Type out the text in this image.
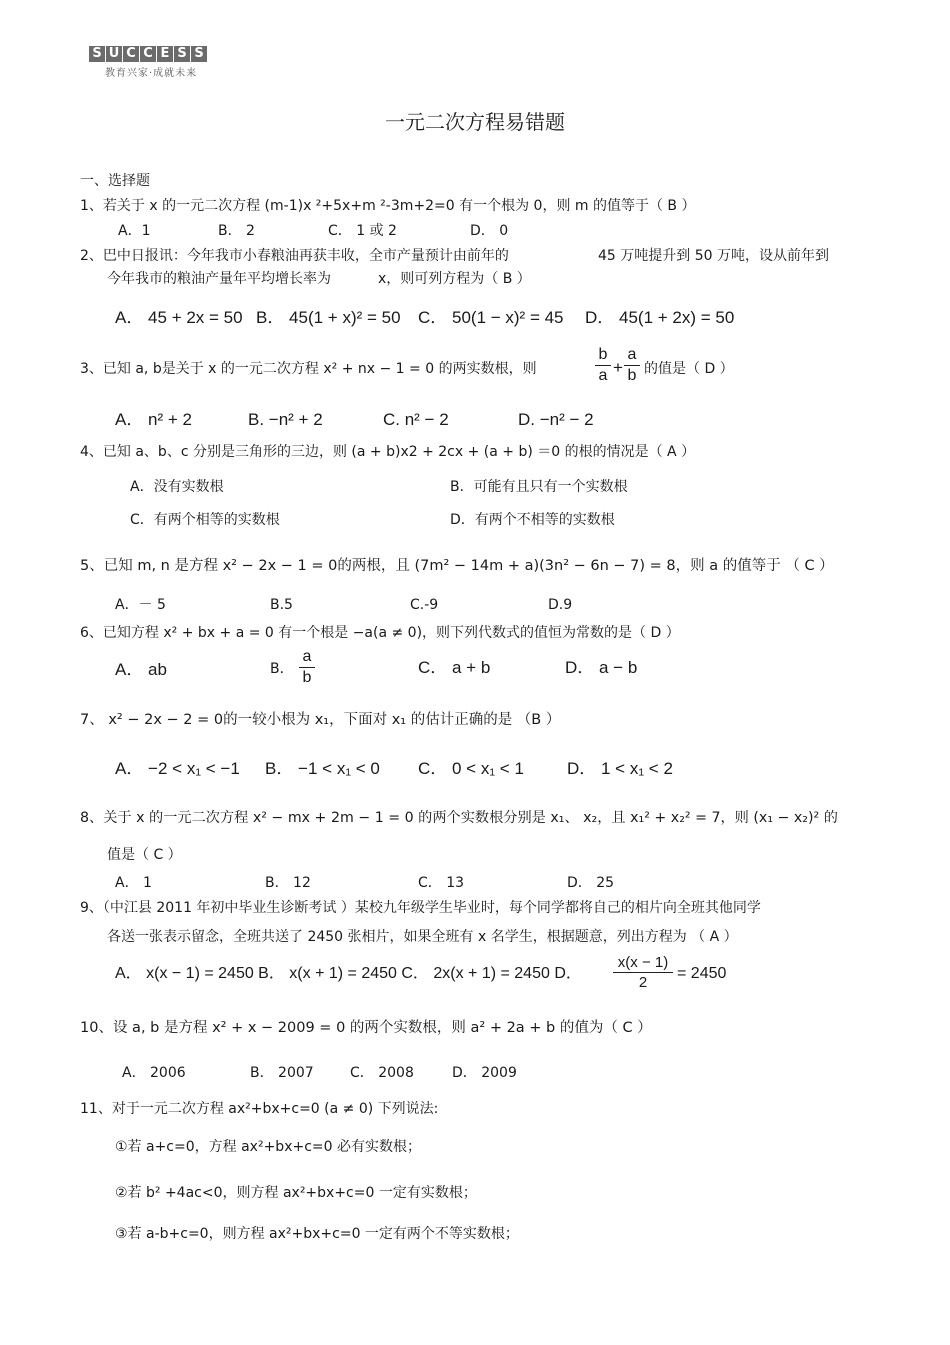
S U C C E S S
教育兴家·成就未来
一元二次方程易错题
一、选择题
1、若关于 x 的一元二次方程 (m-1)x ²+5x+m ²-3m+2=0 有一个根为 0，则 m 的值等于（ B ）
A．1	B． 2	C． 1 或 2	D． 0
2、巴中日报讯：今年我市小春粮油再获丰收，全市产量预计由前年的	45 万吨提升到 50 万吨，设从前年到
今年我市的粮油产量年平均增长率为	x，则可列方程为（ B ）
A． 45 + 2x = 50 B． 45(1 + x)² = 50 C． 50(1 − x)² = 45 D． 45(1 + 2x) = 50
3、已知 a, b是关于 x 的一元二次方程 x² + nx − 1 = 0 的两实数根，则
b
a +
a
b 的值是（ D ）
A． n² + 2	B. −n² + 2	C. n² − 2	D. −n² − 2
4、已知 a、b、c 分别是三角形的三边，则 (a + b)x2 + 2cx + (a + b) ＝0 的根的情况是（ A ）
A．没有实数根	B．可能有且只有一个实数根
C．有两个相等的实数根	D．有两个不相等的实数根
5、已知 m, n 是方程 x² − 2x − 1 = 0的两根，且 (7m² − 14m + a)(3n² − 6n − 7) = 8，则 a 的值等于 （ C ）
A．－ 5	B.5	C.-9	D.9
6、已知方程 x² + bx + a = 0 有一个根是 −a(a ≠ 0)，则下列代数式的值恒为常数的是（ D ）
A． ab	B．
a
b
C． a + b	D． a − b
7、 x² − 2x − 2 = 0的一较小根为 x₁，下面对 x₁ 的估计正确的是 （B ）
A． −2 < x₁ < −1 B． −1 < x₁ < 0 C． 0 < x₁ < 1	D． 1 < x₁ < 2
8、关于 x 的一元二次方程 x² − mx + 2m − 1 = 0 的两个实数根分别是 x₁、 x₂，且 x₁² + x₂² = 7，则 (x₁ − x₂)² 的
值是（ C ）
A． 1	B． 12	C． 13	D． 25
9、（中江县 2011 年初中毕业生诊断考试 ）某校九年级学生毕业时，每个同学都将自己的相片向全班其他同学
各送一张表示留念，全班共送了 2450 张相片，如果全班有 x 名学生，根据题意，列出方程为 （ A ）
A． x(x − 1) = 2450 B． x(x + 1) = 2450 C． 2x(x + 1) = 2450 D．
x(x − 1)
2
= 2450
10、设 a, b 是方程 x² + x − 2009 = 0 的两个实数根，则 a² + 2a + b 的值为（ C ）
A． 2006	B． 2007	C． 2008	D． 2009
11、对于一元二次方程 ax²+bx+c=0 (a ≠ 0) 下列说法:
①若 a+c=0，方程 ax²+bx+c=0 必有实数根；
②若 b² +4ac<0，则方程 ax²+bx+c=0 一定有实数根；
③若 a-b+c=0，则方程 ax²+bx+c=0 一定有两个不等实数根；
